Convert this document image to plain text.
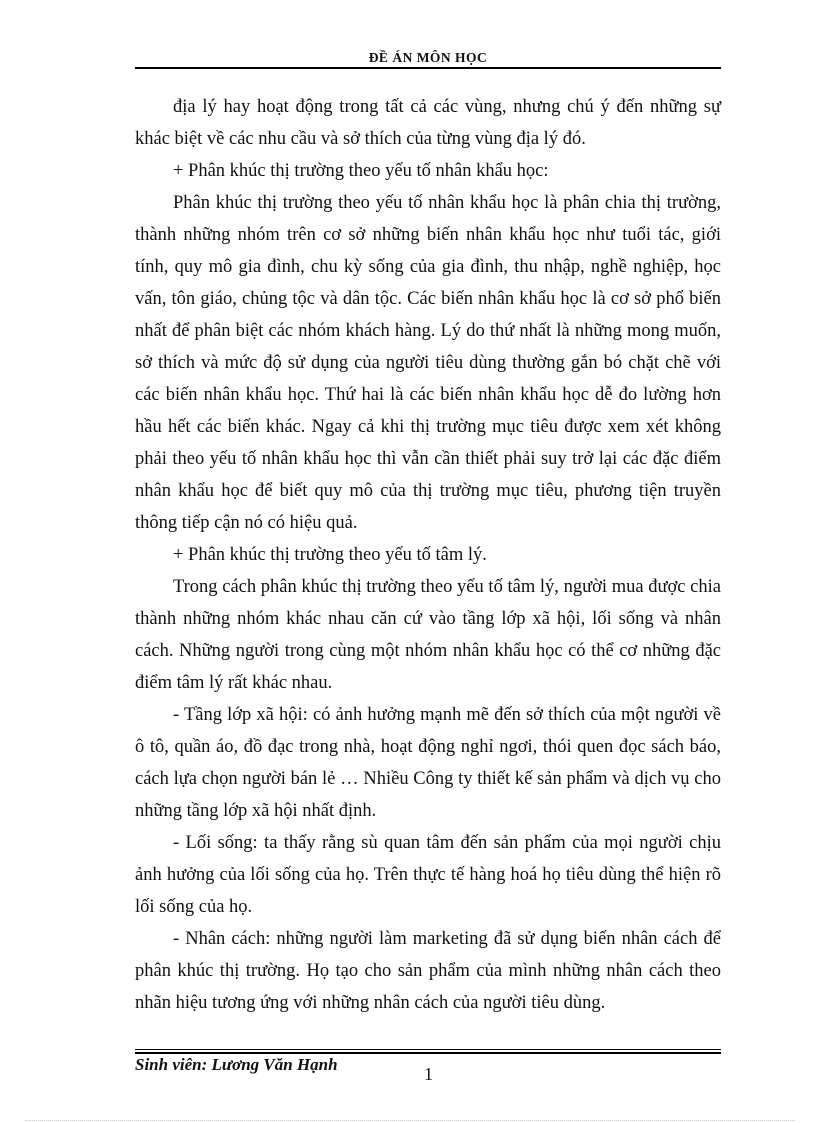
ĐỀ ÁN MÔN HỌC

địa lý hay hoạt động trong tất cả các vùng, nhưng chú ý đến những sự khác biệt về các nhu cầu và sở thích của từng vùng địa lý đó.

+ Phân khúc thị trường theo yếu tố nhân khẩu học:

Phân khúc thị trường theo yếu tố nhân khẩu học là phân chia thị trường, thành những nhóm trên cơ sở những biến nhân khẩu học như tuổi tác, giới tính, quy mô gia đình, chu kỳ sống của gia đình, thu nhập, nghề nghiệp, học vấn, tôn giáo, chủng tộc và dân tộc. Các biến nhân khẩu học là cơ sở phổ biến nhất để phân biệt các nhóm khách hàng. Lý do thứ nhất là những mong muốn, sở thích và mức độ sử dụng của người tiêu dùng thường gắn bó chặt chẽ với các biến nhân khẩu học. Thứ hai là các biến nhân khẩu học dễ đo lường hơn hầu hết các biến khác. Ngay cả khi thị trường mục tiêu được xem xét không phải theo yếu tố nhân khẩu học thì vẫn cần thiết phải suy trở lại các đặc điểm nhân khẩu học để biết quy mô của thị trường mục tiêu, phương tiện truyền thông tiếp cận nó có hiệu quả.

+ Phân khúc thị trường theo yếu tố tâm lý.

Trong cách phân khúc thị trường theo yếu tố tâm lý, người mua được chia thành những nhóm khác nhau căn cứ vào tầng lớp xã hội, lối sống và nhân cách. Những người trong cùng một nhóm nhân khẩu học có thể cơ những đặc điểm tâm lý rất khác nhau.

- Tầng lớp xã hội: có ảnh hưởng mạnh mẽ đến sở thích của một người về ô tô, quần áo, đồ đạc trong nhà, hoạt động nghỉ ngơi, thói quen đọc sách báo, cách lựa chọn người bán lẻ … Nhiều Công ty thiết kế sản phẩm và dịch vụ cho những tầng lớp xã hội nhất định.

- Lối sống: ta thấy rằng sù quan tâm đến sản phẩm của mọi người chịu ảnh hưởng của lối sống của họ. Trên thực tế hàng hoá họ tiêu dùng thể hiện rõ lối sống của họ.

- Nhân cách: những người làm marketing đã sử dụng biến nhân cách để phân khúc thị trường. Họ tạo cho sản phẩm của mình những nhân cách theo nhãn hiệu tương ứng với những nhân cách của người tiêu dùng.

Sinh viên: Lương Văn Hạnh	1
